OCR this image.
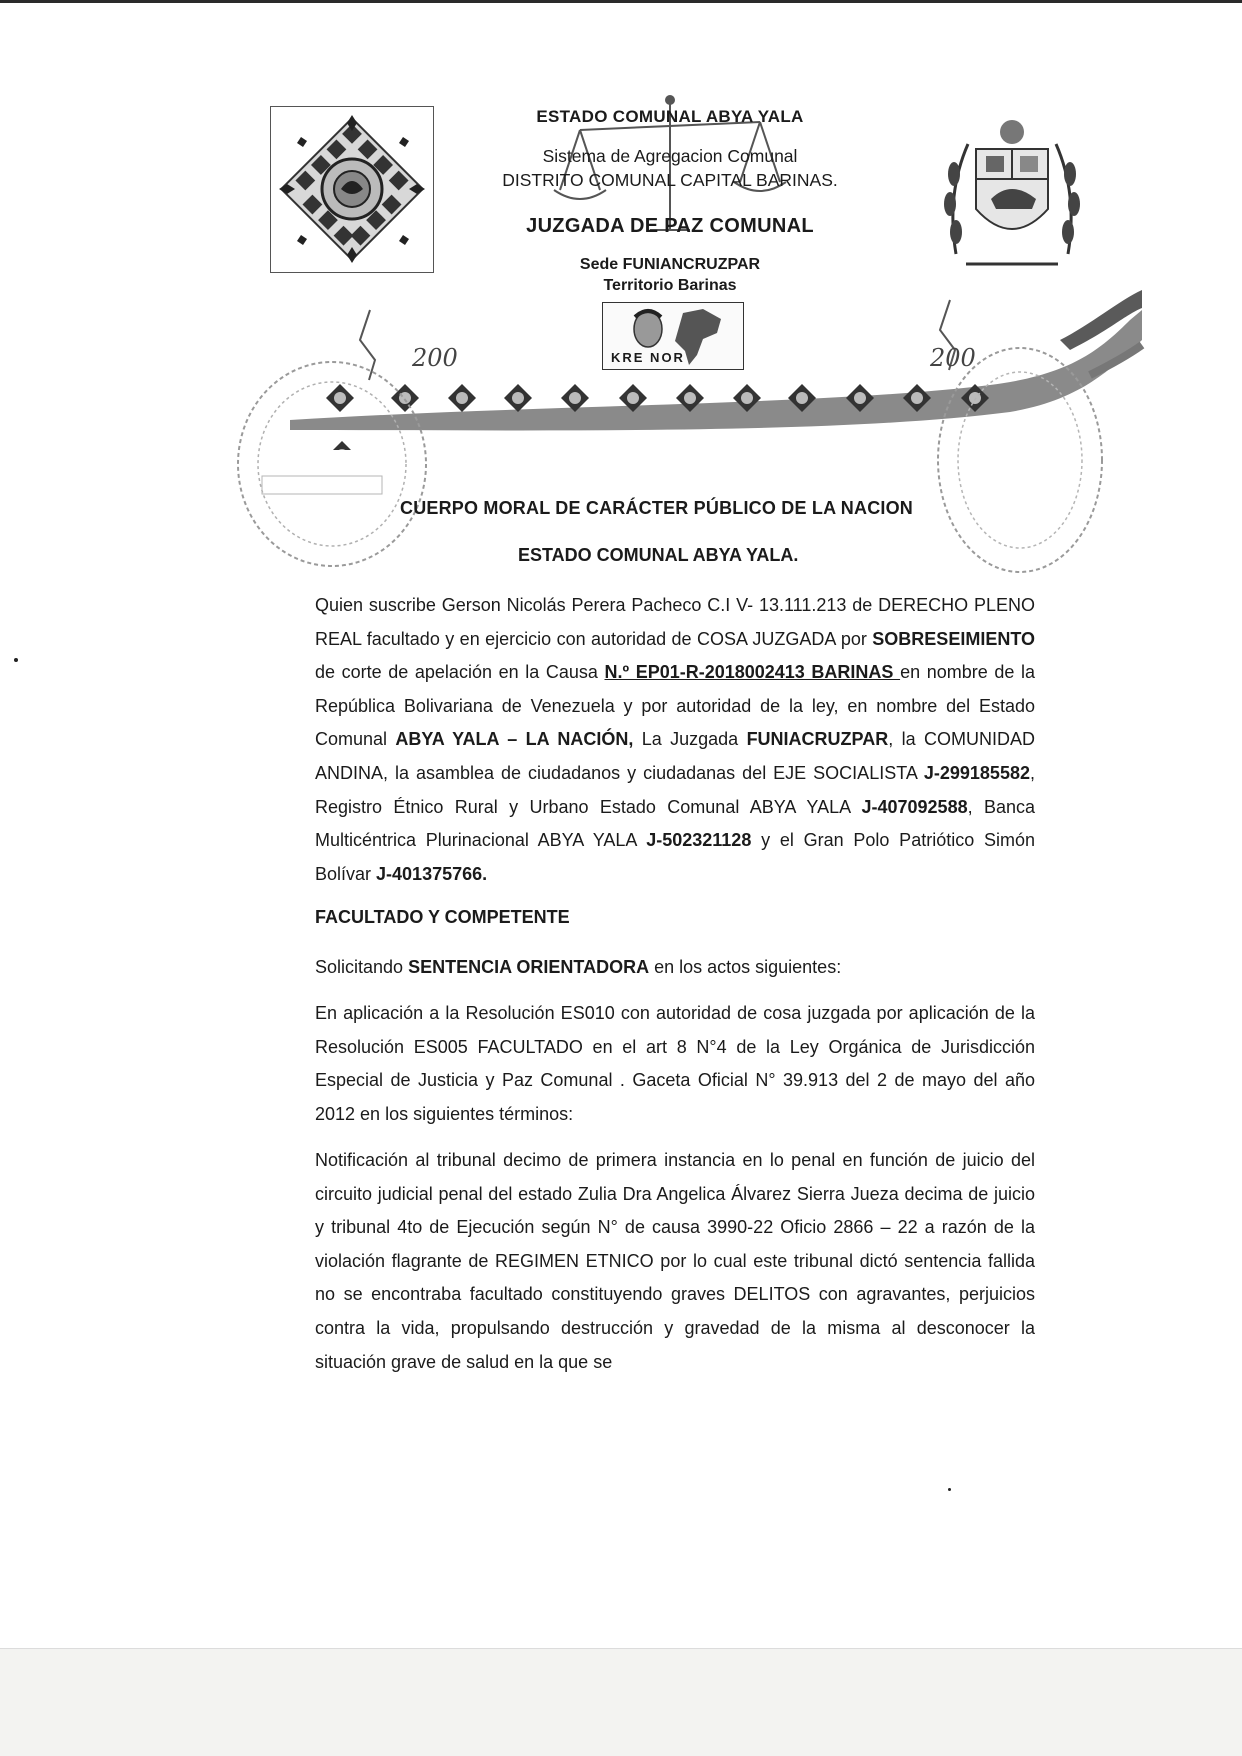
ESTADO COMUNAL ABYA YALA
Sistema de Agregacion Comunal
DISTRITO COMUNAL CAPITAL BARINAS.
JUZGADA DE PAZ COMUNAL
Sede FUNIANCRUZPAR
Territorio Barinas
200	200
KRE NOR
CUERPO MORAL DE CARÁCTER PÚBLICO DE LA NACION
ESTADO COMUNAL ABYA YALA.
Quien suscribe Gerson Nicolás Perera Pacheco C.I V- 13.111.213 de DERECHO PLENO REAL facultado y en ejercicio con autoridad de COSA JUZGADA por SOBRESEIMIENTO de corte de apelación en la Causa N.º EP01-R-2018002413 BARINAS en nombre de la República Bolivariana de Venezuela y por autoridad de la ley, en nombre del Estado Comunal ABYA YALA – LA NACIÓN, La Juzgada FUNIACRUZPAR, la COMUNIDAD ANDINA, la asamblea de ciudadanos y ciudadanas del EJE SOCIALISTA J-299185582, Registro Étnico Rural y Urbano Estado Comunal ABYA YALA J-407092588, Banca Multicéntrica Plurinacional ABYA YALA J-502321128 y el Gran Polo Patriótico Simón Bolívar J-401375766.
FACULTADO Y COMPETENTE
Solicitando SENTENCIA ORIENTADORA en los actos siguientes:
En aplicación a la Resolución ES010 con autoridad de cosa juzgada por aplicación de la Resolución ES005 FACULTADO en el art 8 N°4 de la Ley Orgánica de Jurisdicción Especial de Justicia y Paz Comunal . Gaceta Oficial N° 39.913 del 2 de mayo del año 2012 en los siguientes términos:
Notificación al tribunal decimo de primera instancia en lo penal en función de juicio del circuito judicial penal del estado Zulia Dra Angelica Álvarez Sierra Jueza decima de juicio y tribunal 4to de Ejecución según N° de causa 3990-22 Oficio 2866 – 22 a razón de la violación flagrante de REGIMEN ETNICO por lo cual este tribunal dictó sentencia fallida no se encontraba facultado constituyendo graves DELITOS con agravantes, perjuicios contra la vida, propulsando destrucción y gravedad de la misma al desconocer la situación grave de salud en la que se
